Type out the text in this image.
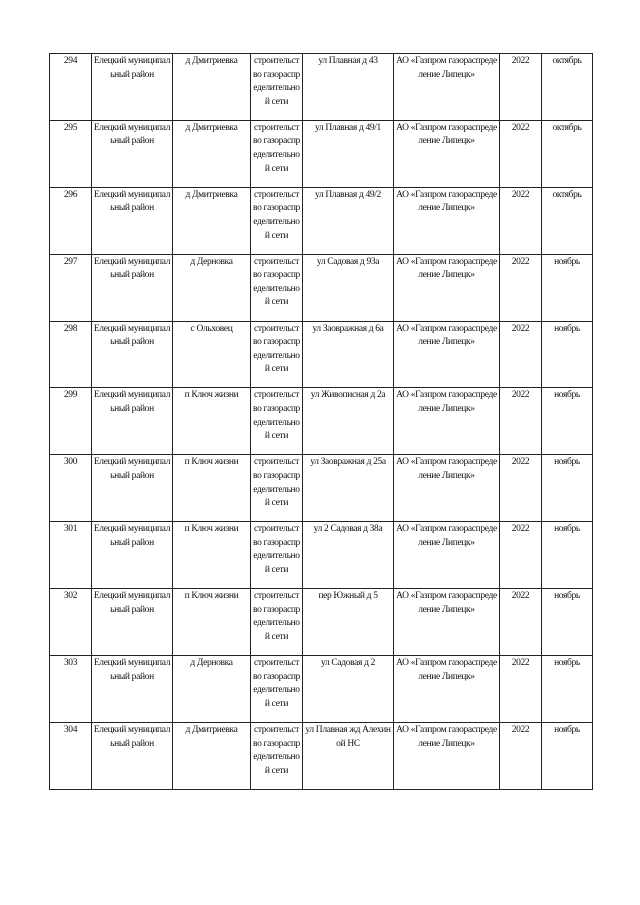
294	Елецкий муниципальный район	д Дмитриевка	строительство газораспределительной сети	ул Плавная д 43	АО «Газпром газораспределение Липецк»	2022	октябрь
295	Елецкий муниципальный район	д Дмитриевка	строительство газораспределительной сети	ул Плавная д 49/1	АО «Газпром газораспределение Липецк»	2022	октябрь
296	Елецкий муниципальный район	д Дмитриевка	строительство газораспределительной сети	ул Плавная д 49/2	АО «Газпром газораспределение Липецк»	2022	октябрь
297	Елецкий муниципальный район	д Дерновка	строительство газораспределительной сети	ул Садовая д 93а	АО «Газпром газораспределение Липецк»	2022	ноябрь
298	Елецкий муниципальный район	с Ольховец	строительство газораспределительной сети	ул Заовражная д 6а	АО «Газпром газораспределение Липецк»	2022	ноябрь
299	Елецкий муниципальный район	п Ключ жизни	строительство газораспределительной сети	ул Живописная д 2а	АО «Газпром газораспределение Липецк»	2022	ноябрь
300	Елецкий муниципальный район	п Ключ жизни	строительство газораспределительной сети	ул Заовражная д 25а	АО «Газпром газораспределение Липецк»	2022	ноябрь
301	Елецкий муниципальный район	п Ключ жизни	строительство газораспределительной сети	ул 2 Садовая д 38а	АО «Газпром газораспределение Липецк»	2022	ноябрь
302	Елецкий муниципальный район	п Ключ жизни	строительство газораспределительной сети	пер Южный д 5	АО «Газпром газораспределение Липецк»	2022	ноябрь
303	Елецкий муниципальный район	д Дерновка	строительство газораспределительной сети	ул Садовая д 2	АО «Газпром газораспределение Липецк»	2022	ноябрь
304	Елецкий муниципальный район	д Дмитриевка	строительство газораспределительной сети	ул Плавная жд Алехиной НС	АО «Газпром газораспределение Липецк»	2022	ноябрь
